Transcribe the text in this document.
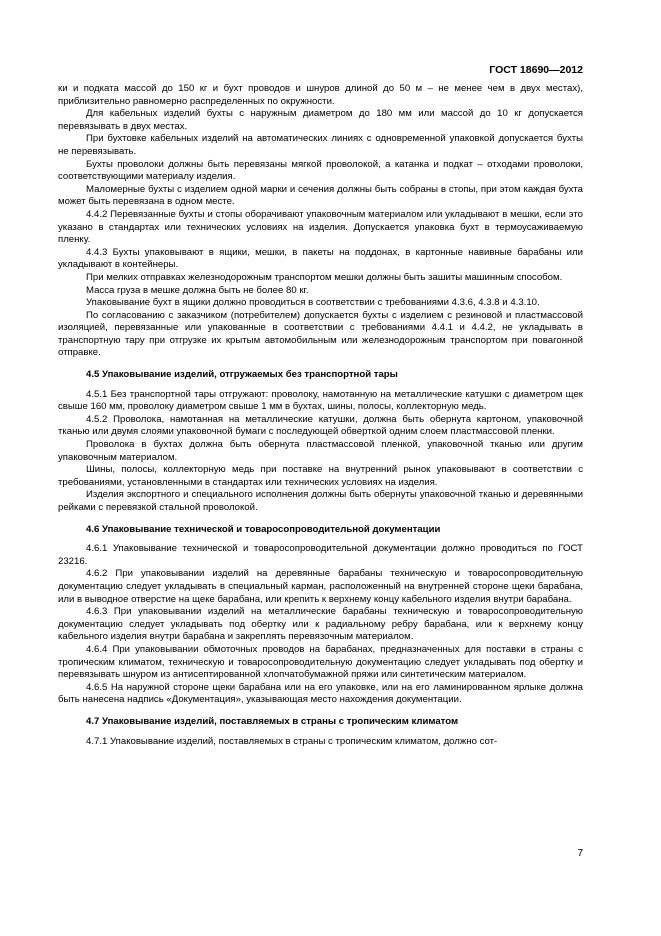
ГОСТ 18690—2012

ки и подката массой до 150 кг и бухт проводов и шнуров длиной до 50 м – не менее чем в двух местах), приблизительно равномерно распределенных по окружности.

Для кабельных изделий бухты с наружным диаметром до 180 мм или массой до 10 кг допускается перевязывать в двух местах.

При бухтовке кабельных изделий на автоматических линиях с одновременной упаковкой допускается бухты не перевязывать.

Бухты проволоки должны быть перевязаны мягкой проволокой, а катанка и подкат – отходами проволоки, соответствующими материалу изделия.

Маломерные бухты с изделием одной марки и сечения должны быть собраны в стопы, при этом каждая бухта может быть перевязана в одном месте.

4.4.2 Перевязанные бухты и стопы оборачивают упаковочным материалом или укладывают в мешки, если это указано в стандартах или технических условиях на изделия. Допускается упаковка бухт в термоусаживаемую пленку.

4.4.3 Бухты упаковывают в ящики, мешки, в пакеты на поддонах, в картонные навивные барабаны или укладывают в контейнеры.

При мелких отправках железнодорожным транспортом мешки должны быть зашиты машинным способом.

Масса груза в мешке должна быть не более 80 кг.

Упаковывание бухт в ящики должно проводиться в соответствии с требованиями 4.3.6, 4.3.8 и 4.3.10.

По согласованию с заказчиком (потребителем) допускается бухты с изделием с резиновой и пластмассовой изоляцией, перевязанные или упакованные в соответствии с требованиями 4.4.1 и 4.4.2, не укладывать в транспортную тару при отгрузке их крытым автомобильным или железнодорожным транспортом при повагонной отправке.

4.5 Упаковывание изделий, отгружаемых без транспортной тары

4.5.1 Без транспортной тары отгружают: проволоку, намотанную на металлические катушки с диаметром щек свыше 160 мм, проволоку диаметром свыше 1 мм в бухтах, шины, полосы, коллекторную медь.

4.5.2 Проволока, намотанная на металлические катушки, должна быть обернута картоном, упаковочной тканью или двумя слоями упаковочной бумаги с последующей обверткой одним слоем пластмассовой пленки.

Проволока в бухтах должна быть обернута пластмассовой пленкой, упаковочной тканью или другим упаковочным материалом.

Шины, полосы, коллекторную медь при поставке на внутренний рынок упаковывают в соответствии с требованиями, установленными в стандартах или технических условиях на изделия.

Изделия экспортного и специального исполнения должны быть обернуты упаковочной тканью и деревянными рейками с перевязкой стальной проволокой.

4.6 Упаковывание технической и товаросопроводительной документации

4.6.1 Упаковывание технической и товаросопроводительной документации должно проводиться по ГОСТ 23216.

4.6.2 При упаковывании изделий на деревянные барабаны техническую и товаросопроводительную документацию следует укладывать в специальный карман, расположенный на внутренней стороне щеки барабана, или в выводное отверстие на щеке барабана, или крепить к верхнему концу кабельного изделия внутри барабана.

4.6.3 При упаковывании изделий на металлические барабаны техническую и товаросопроводительную документацию следует укладывать под обертку или к радиальному ребру барабана, или к верхнему концу кабельного изделия внутри барабана и закреплять перевязочным материалом.

4.6.4 При упаковывании обмоточных проводов на барабанах, предназначенных для поставки в страны с тропическим климатом, техническую и товаросопроводительную документацию следует укладывать под обертку и перевязывать шнуром из антисептированной хлопчатобумажной пряжи или синтетическим материалом.

4.6.5 На наружной стороне щеки барабана или на его упаковке, или на его ламинированном ярлыке должна быть нанесена надпись «Документация», указывающая место нахождения документации.

4.7 Упаковывание изделий, поставляемых в страны с тропическим климатом

4.7.1 Упаковывание изделий, поставляемых в страны с тропическим климатом, должно сот-

7
